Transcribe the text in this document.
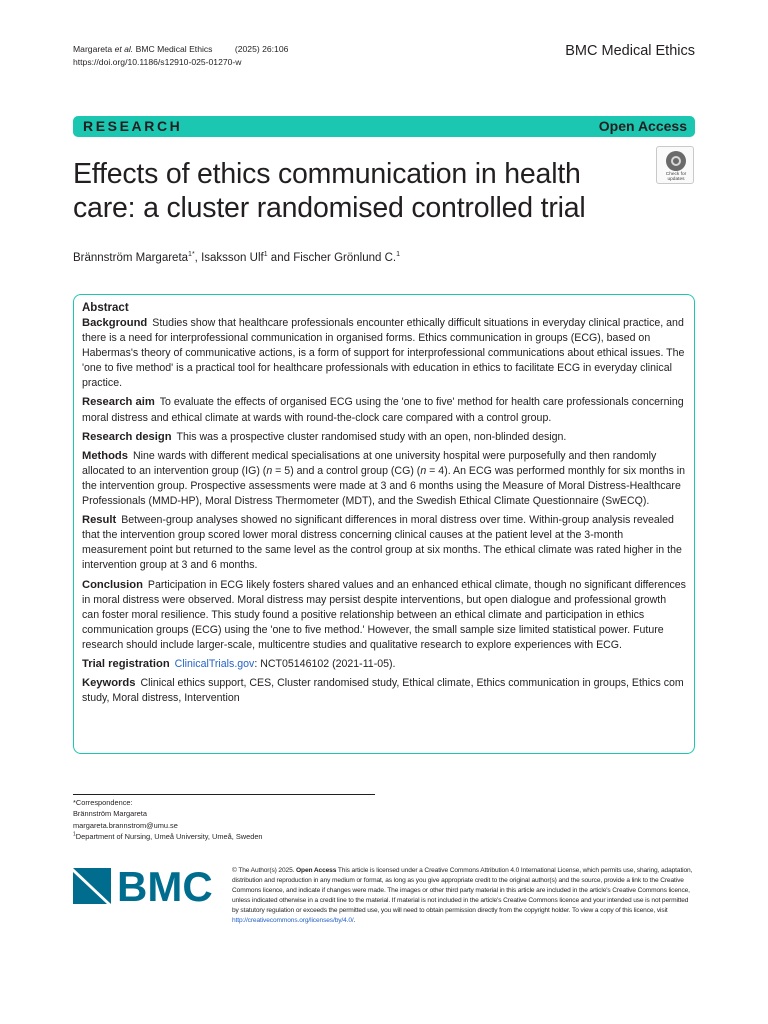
Margareta et al. BMC Medical Ethics	(2025) 26:106
https://doi.org/10.1186/s12910-025-01270-w
BMC Medical Ethics
RESEARCH	Open Access
Effects of ethics communication in health
care: a cluster randomised controlled trial
Check for
updates
Brännström Margareta$^{1*}$, Isaksson Ulf$^1$ and Fischer Grönlund C.$^1$
Abstract

Background Studies show that healthcare professionals encounter ethically difficult situations in everyday clinical practice, and there is a need for interprofessional communication in organised forms. Ethics communication in groups (ECG), based on Habermas's theory of communicative actions, is a form of support for interprofessional communications about ethical issues. The 'one to five method' is a practical tool for healthcare professionals with education in ethics to facilitate ECG in everyday clinical practice.

Research aim To evaluate the effects of organised ECG using the 'one to five' method for health care professionals concerning moral distress and ethical climate at wards with round-the-clock care compared with a control group.

Research design This was a prospective cluster randomised study with an open, non-blinded design.

Methods Nine wards with different medical specialisations at one university hospital were purposefully and then randomly allocated to an intervention group (IG) (n = 5) and a control group (CG) (n = 4). An ECG was performed monthly for six months in the intervention group. Prospective assessments were made at 3 and 6 months using the Measure of Moral Distress-Healthcare Professionals (MMD-HP), Moral Distress Thermometer (MDT), and the Swedish Ethical Climate Questionnaire (SwECQ).

Result Between-group analyses showed no significant differences in moral distress over time. Within-group analysis revealed that the intervention group scored lower moral distress concerning clinical causes at the patient level at the 3-month measurement point but returned to the same level as the control group at six months. The ethical climate was rated higher in the intervention group at 3 and 6 months.

Conclusion Participation in ECG likely fosters shared values and an enhanced ethical climate, though no significant differences in moral distress were observed. Moral distress may persist despite interventions, but open dialogue and professional growth can foster moral resilience. This study found a positive relationship between an ethical climate and participation in ethics communication groups (ECG) using the 'one to five method.' However, the small sample size limited statistical power. Future research should include larger-scale, multicentre studies and qualitative research to explore experiences with ECG.

Trial registration ClinicalTrials.gov: NCT05146102 (2021-11-05).

Keywords Clinical ethics support, CES, Cluster randomised study, Ethical climate, Ethics communication in groups, Ethics com study, Moral distress, Intervention

*Correspondence:
Brännström Margareta
margareta.brannstrom@umu.se
$^1$Department of Nursing, Umeå University, Umeå, Sweden
BMC	© The Author(s) 2025. Open Access This article is licensed under a Creative Commons Attribution 4.0 International License, which permits use, sharing, adaptation, distribution and reproduction in any medium or format, as long as you give appropriate credit to the original author(s) and the source, provide a link to the Creative Commons licence, and indicate if changes were made. The images or other third party material in this article are included in the article's Creative Commons licence, unless indicated otherwise in a credit line to the material. If material is not included in the article's Creative Commons licence and your intended use is not permitted by statutory regulation or exceeds the permitted use, you will need to obtain permission directly from the copyright holder. To view a copy of this licence, visit http://creativecommons.org/licenses/by/4.0/.
